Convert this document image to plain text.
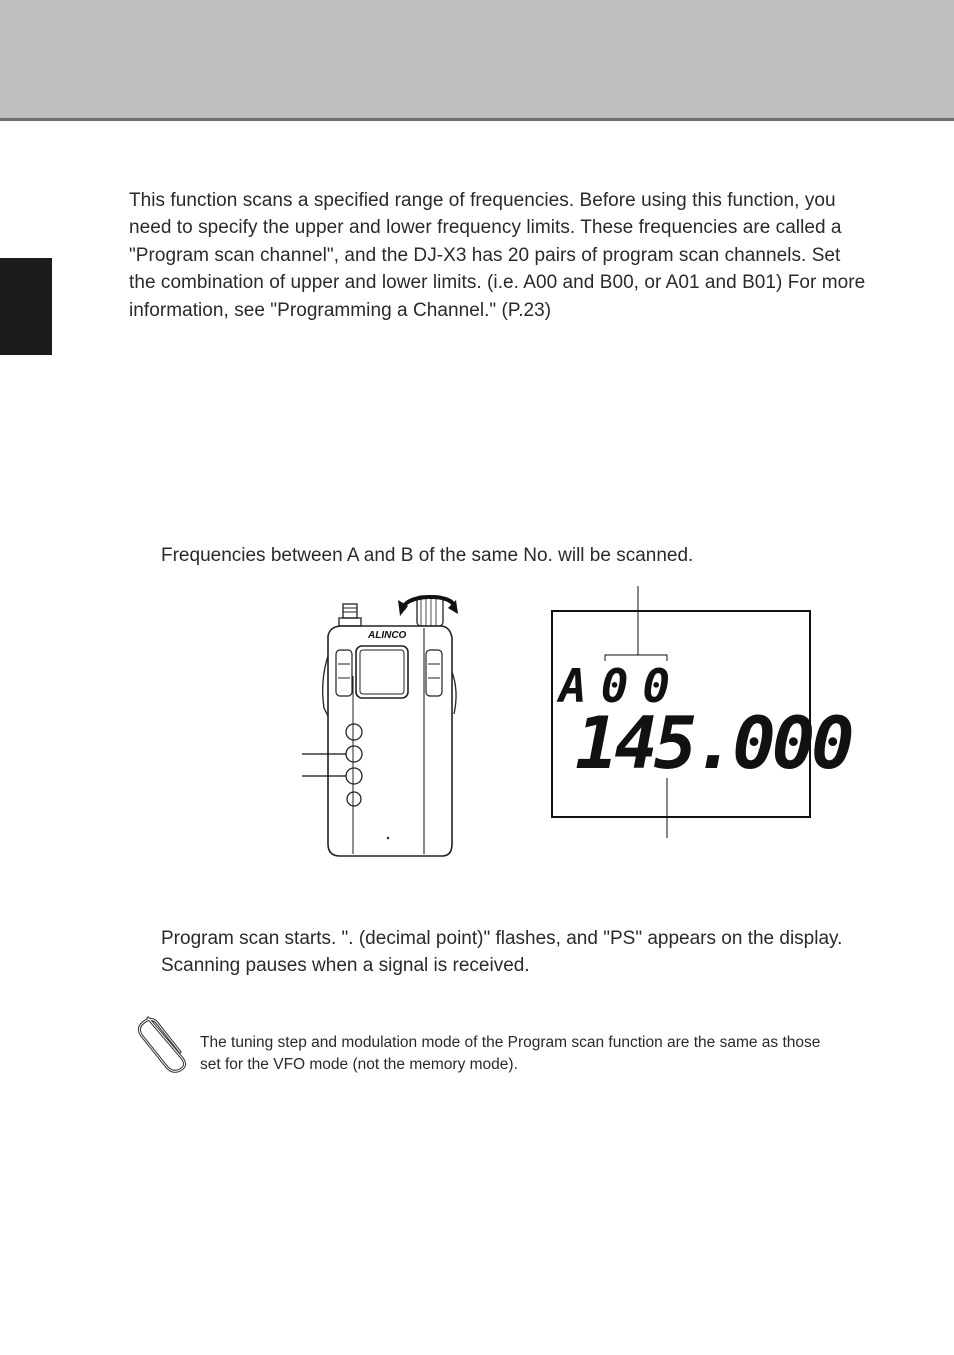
This function scans a specified range of frequencies. Before using this function, you need to specify the upper and lower frequency limits. These frequencies are called a "Program scan channel", and the DJ-X3 has 20 pairs of program scan channels. Set the combination of upper and lower limits. (i.e. A00 and B00, or A01 and B01) For more information, see "Programming a Channel." (P.23)

Frequencies between A and B of the same No. will be scanned.

ALINCO
A00
145.000

Program scan starts. ". (decimal point)" flashes, and "PS" appears on the display. Scanning pauses when a signal is received.

The tuning step and modulation mode of the Program scan function are the same as those set for the VFO mode (not the memory mode).
